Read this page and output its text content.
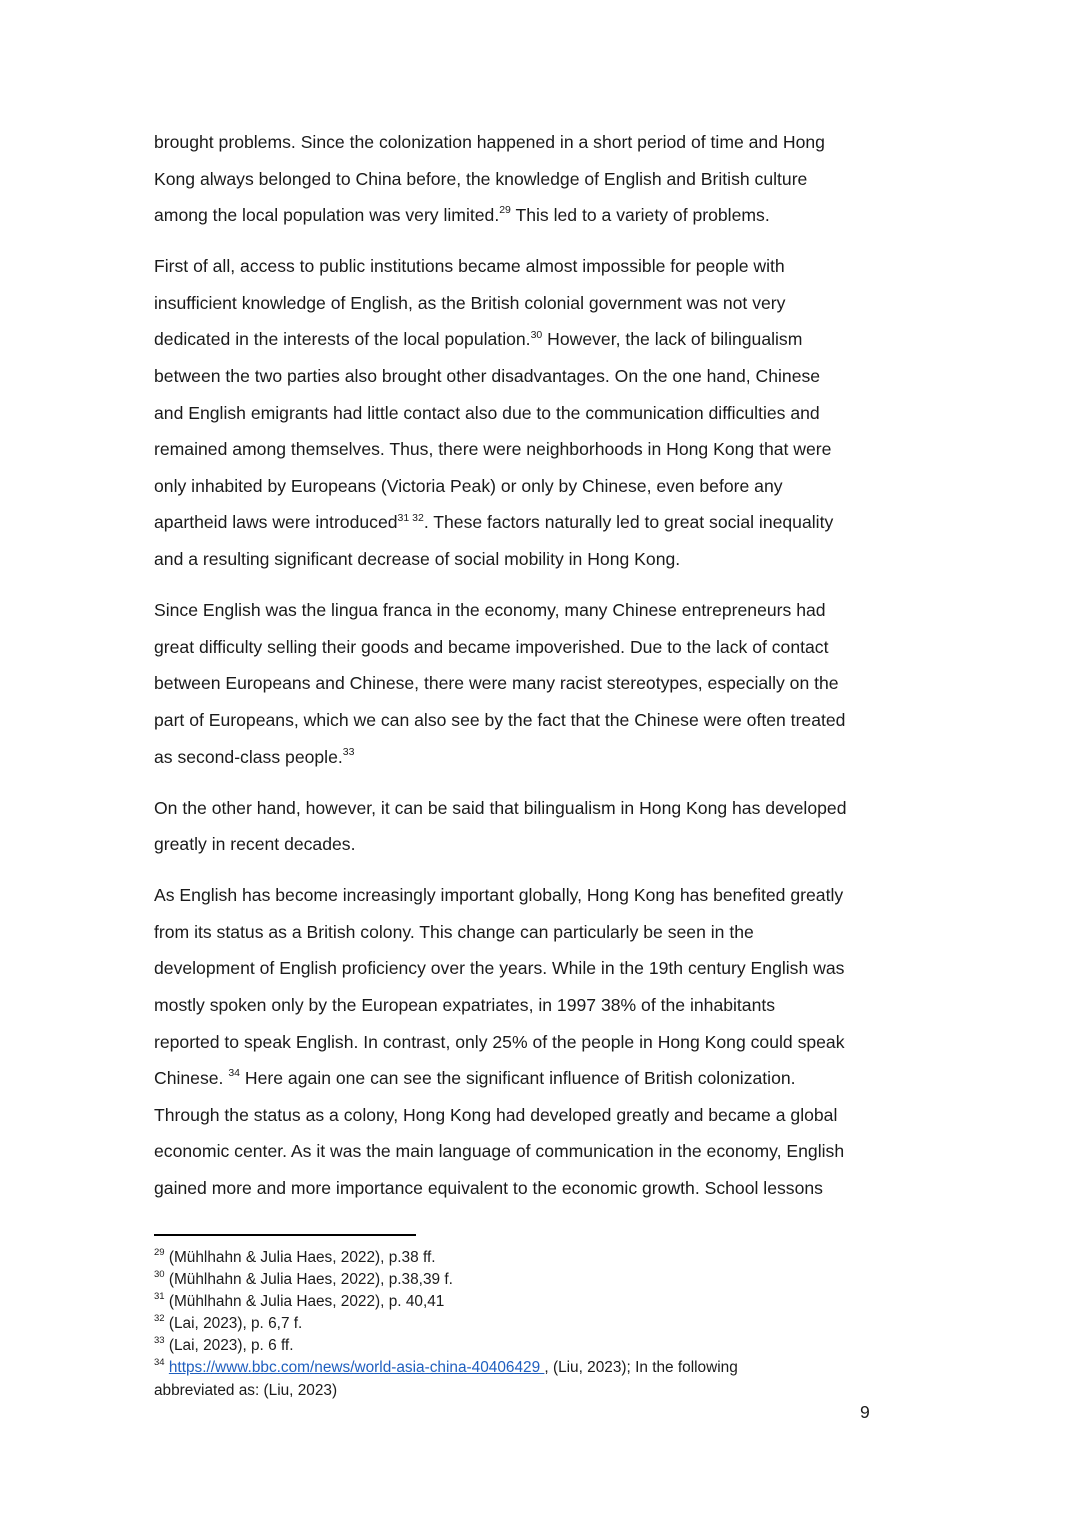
brought problems. Since the colonization happened in a short period of time and Hong
Kong always belonged to China before, the knowledge of English and British culture
among the local population was very limited.$^{29}$ This led to a variety of problems.

First of all, access to public institutions became almost impossible for people with
insufficient knowledge of English, as the British colonial government was not very
dedicated in the interests of the local population.$^{30}$ However, the lack of bilingualism
between the two parties also brought other disadvantages. On the one hand, Chinese
and English emigrants had little contact also due to the communication difficulties and
remained among themselves. Thus, there were neighborhoods in Hong Kong that were
only inhabited by Europeans (Victoria Peak) or only by Chinese, even before any
apartheid laws were introduced$^{31 32}$. These factors naturally led to great social inequality
and a resulting significant decrease of social mobility in Hong Kong.

Since English was the lingua franca in the economy, many Chinese entrepreneurs had
great difficulty selling their goods and became impoverished. Due to the lack of contact
between Europeans and Chinese, there were many racist stereotypes, especially on the
part of Europeans, which we can also see by the fact that the Chinese were often treated
as second-class people.$^{33}$

On the other hand, however, it can be said that bilingualism in Hong Kong has developed
greatly in recent decades.

As English has become increasingly important globally, Hong Kong has benefited greatly
from its status as a British colony. This change can particularly be seen in the
development of English proficiency over the years. While in the 19th century English was
mostly spoken only by the European expatriates, in 1997 38% of the inhabitants
reported to speak English. In contrast, only 25% of the people in Hong Kong could speak
Chinese. $^{34}$ Here again one can see the significant influence of British colonization.
Through the status as a colony, Hong Kong had developed greatly and became a global
economic center. As it was the main language of communication in the economy, English
gained more and more importance equivalent to the economic growth. School lessons

$^{29}$ (Mühlhahn & Julia Haes, 2022), p.38 ff.

$^{30}$ (Mühlhahn & Julia Haes, 2022), p.38,39 f.

$^{31}$ (Mühlhahn & Julia Haes, 2022), p. 40,41

$^{32}$ (Lai, 2023), p. 6,7 f.

$^{33}$ (Lai, 2023), p. 6 ff.

$^{34}$ https://www.bbc.com/news/world-asia-china-40406429 , (Liu, 2023); In the following
abbreviated as: (Liu, 2023)

9
